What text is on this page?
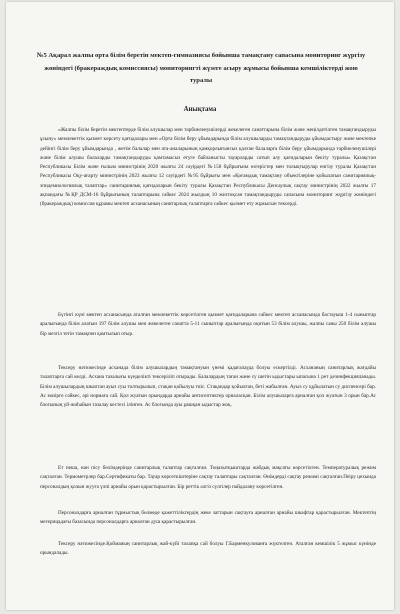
№5 Ақарал жалпы орта білім беретін мектеп-гимназиясы бойынша тамақтану сапасына мониторинг жүргізу жөніндегі (бракераждық комиссиясы) мониторингті жүзеге асыру жұмысы бойынша кемшіліктерді жою туралы
Анықтама
«Жалпы білім беретін мектептерде білім алушылар мен тәрбиеленушілерді жекелеген санаттарына білім және жеңілдетілген тамақтандыруды ұсыну» мемлекеттік қызмет көрсету қағидалары мен «Орта білім беру ұйымдарында білім алушыларды тамақтандыруды ұйымдастыру және мектепке дейінгі білім беру ұйымдарында , жетім балалар мен ата-аналарының қамқорлығынсыз қалған балаларға білім беру ұйымдарында тәрбиеленушілері және білім алушы балаларды тамақтандыруды қамтамасыз етуге байланысты тауарларды сатып алу қағидаларын бекіту туралы» Қазақстан Республикасы Білім және ғылым министрінің 2020 жылғы 24 сәуірдегі №158 бұйрығына өзгерістер мен толықтырулар енгізу туралы Қазақстан Республикасы Оқу-ағарту министрінің 2023 жылғы 12 сәуірдегі №95 бұйрығы мен «Қоғамдық тамақтану объектілеріне қойылатын санитариялық-эпидемиологиялық талаптар» санитариялық қағидаларын бекіту туралы Қазақстан Республикасы Денсаулық сақтау министрінің 2022 жылғы 17 ақпандағы №ҚР ДСМ-16 бұйрығының талаптарына сәйкес 2024 жылдың 10 желтоқсан тамақтандыруды сапасына мониторинг жүргізу жөніндегі (бракераждық) комиссия құрамы мектеп асханасының санитарлық талаптарға сәйкес қызмет ету жұмысын тексерді.
Бүгінгі күні мектеп асханасында аталған мемлекеттік көрсетілген қызмет қағидаларына сәйкес мектеп асханасында бастауыш 1-4 сыныптар аралығында білім алатын 197 білім алушы мен жекелеген санатта 5-11 сыныптар аралығында оқитын 53 білім алушы, жалпы саны 250 білім алушы бір мезгіл тегін тамақпен қамтылып отыр.
Тексеру нәтижесінде асханада білім алушылардың тамақтануын үнемі қадағалауда болуы ескертілді. Асхананың санитарлық жағдайы талаптарға сай келді. Асхана тазалығы күнделікті тексеріліп отырады. Балалардың таған және су шетін ыдыстары ыпасына 1 рет дезинфекцияланады. Білім алушылардың шкаптан ауыз суы толтырылып, стақан қойылуы тиіс. Стақандар қойылған, бетi жабылған. Ауыз су құйылатын су диспенсері бар. Ас мәзірге сәйкес, әрі нормаға сай. Қол жуатын орындарда арнайы антисептиктер орналасқан. Білім алушыларға арналған қол жуатын 3 орын бар.Ас блогының үй-жиһайын тазалау кестесі ілінген. Ас блогында ауы ұяшқан ыдыстар жоқ.
Ет пеша, нан пісу бөлімдерінде санитарлық талаптар сақталған. Тоңазытқыштарда жабдық мақсаты көрсетілген. Температуралық режим сақталған. Термометрлер бар.Сертификаты бар. Тауар көрсеткіштеріне сақтау талаптары сақталған. Өнімдерді сақтау режимі сақталған.Пеіру цехында персоналдың қолын жууға үлпі арнайы орын қарастырылған. Бір реттік әлгіз сүлгілер пайдалану көрсетілген.
Персоналдарға арналған тұрмыстық бөлмеде қажеттілікгердің жеке заттарын сақтауға арналған арнайы шкафтар қарастырылған. Мектептің мегерицадағы базасында персоналдарға арналған душ қарастырылған.
Тексеру нәтижесінде.Қоймаиың санитарлық жай-күйі талапқа сай болуы Г.Барменкулованға жүктелген. Аталған кемшілік 5 жұмыс күнінде орындалады.
